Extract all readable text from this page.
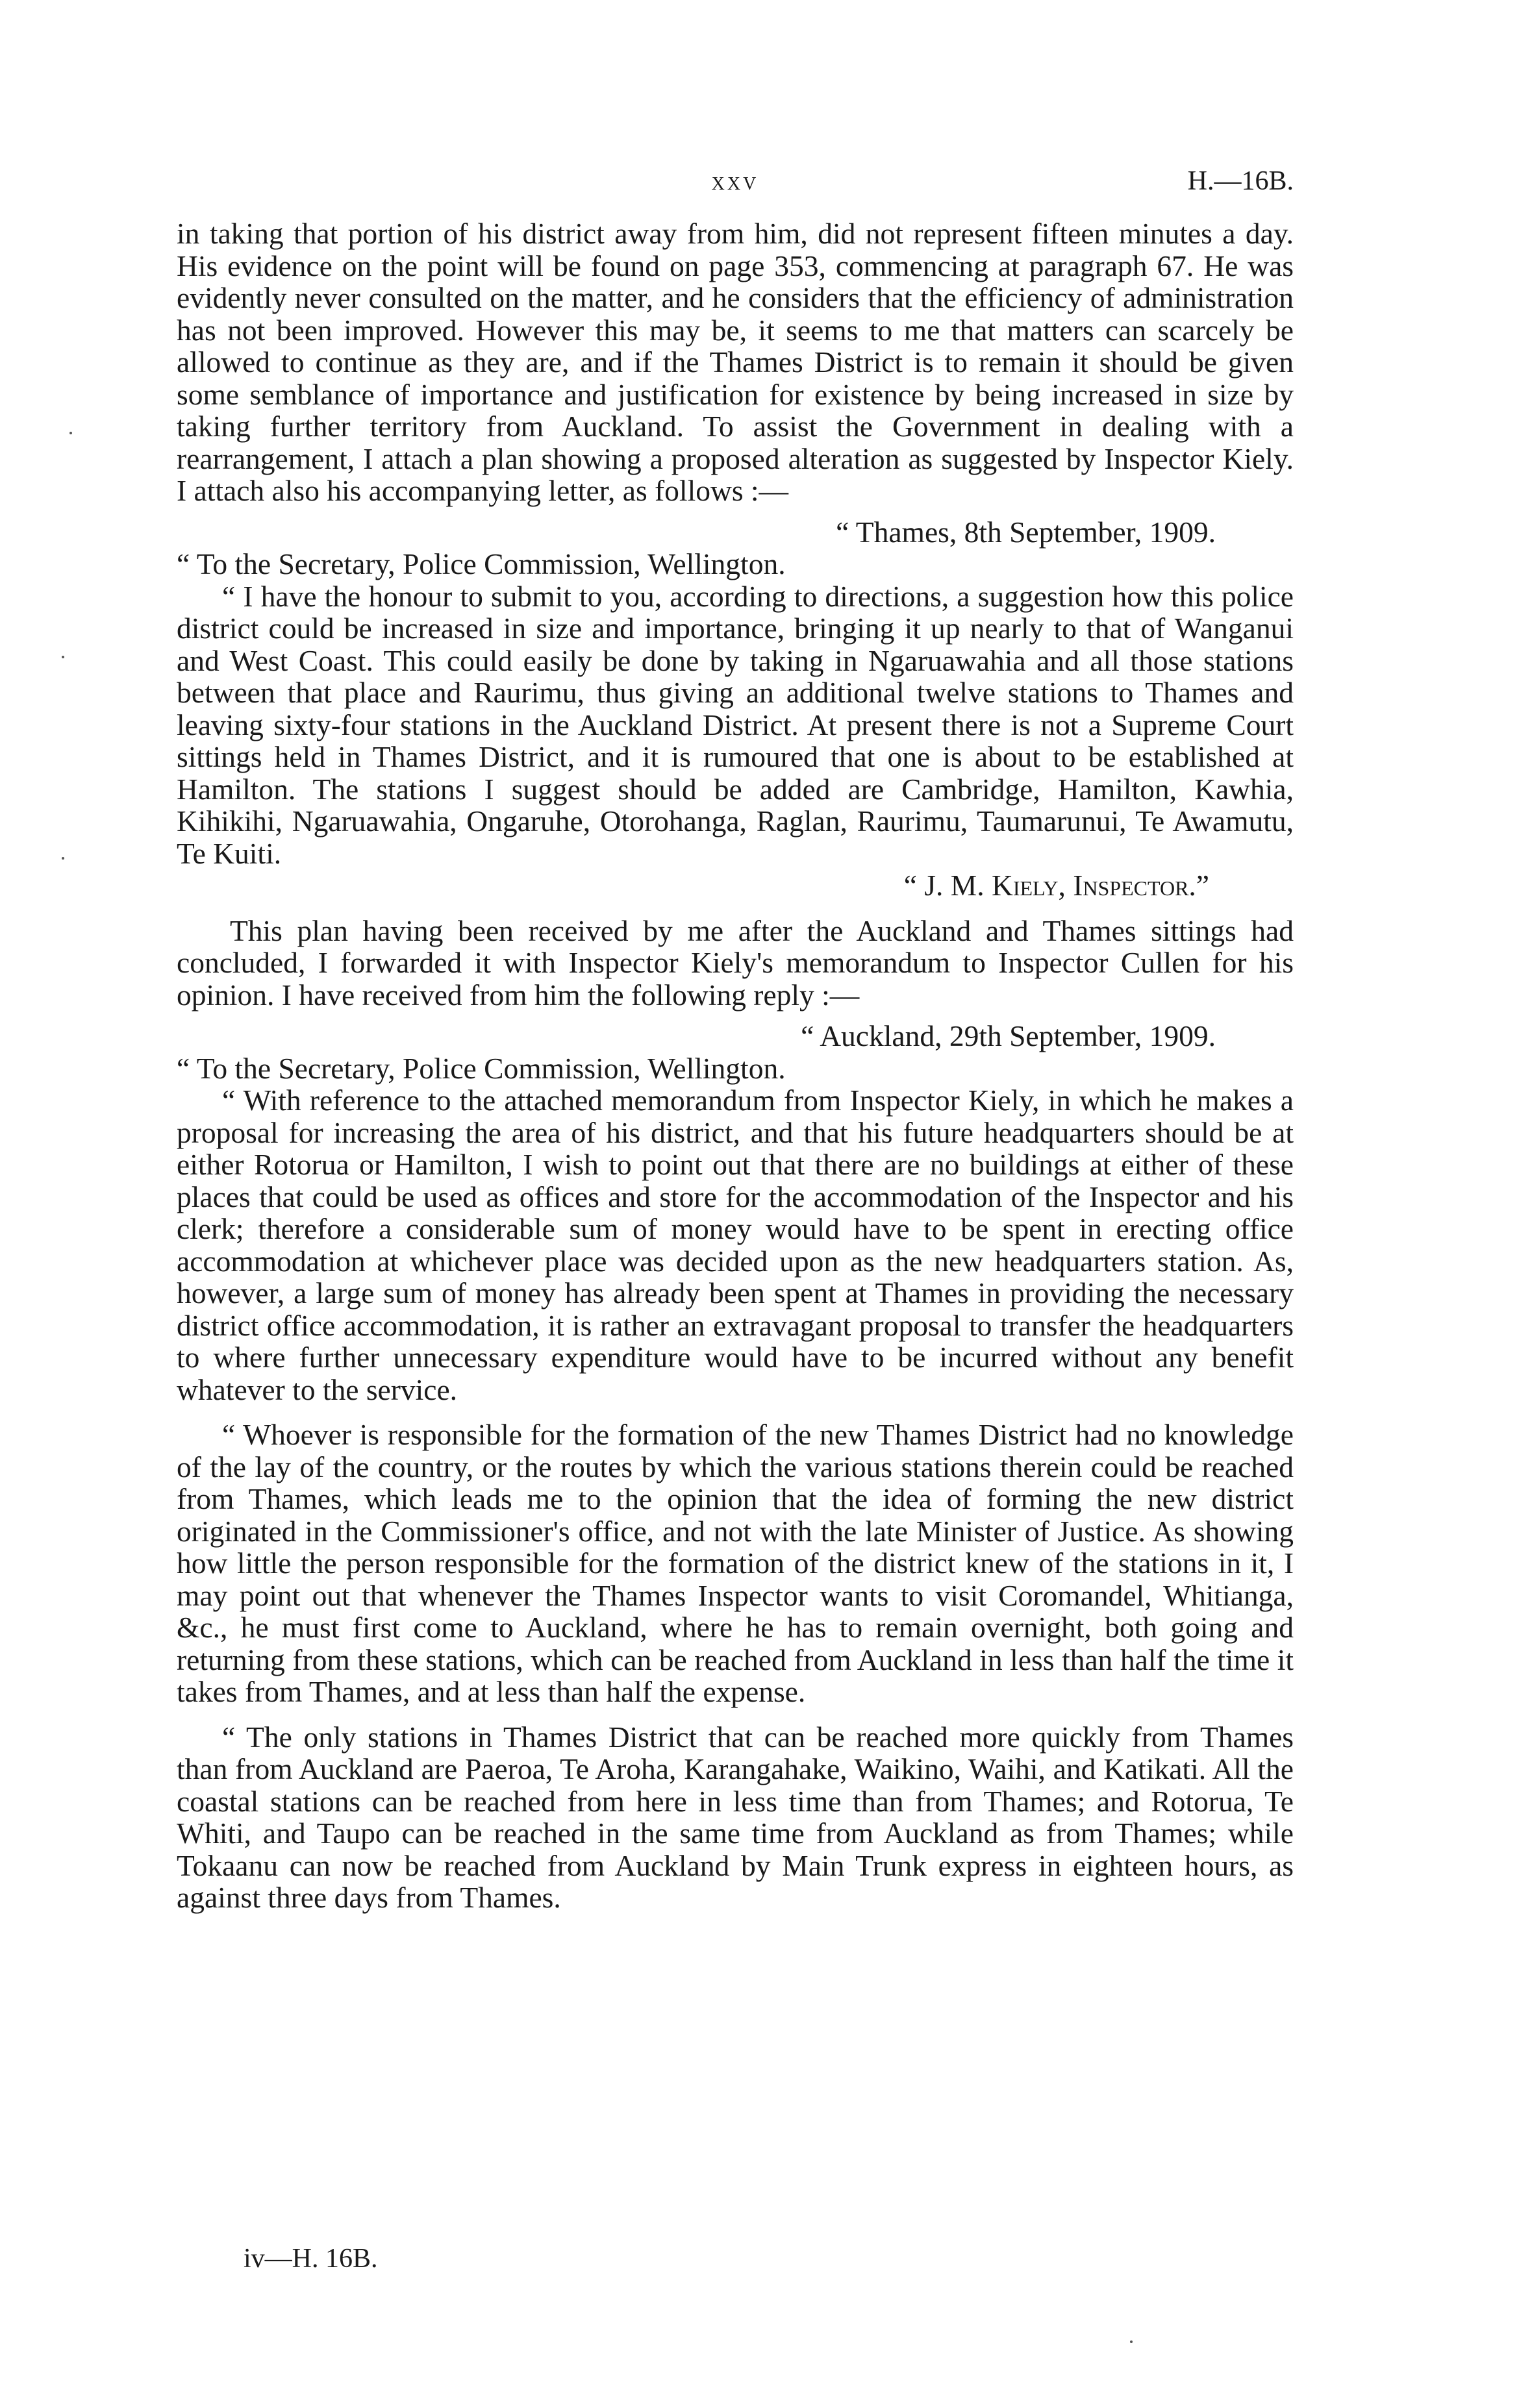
xxv	H.—16B.

in taking that portion of his district away from him, did not represent fifteen minutes a day. His evidence on the point will be found on page 353, commencing at paragraph 67. He was evidently never consulted on the matter, and he considers that the efficiency of administration has not been improved. However this may be, it seems to me that matters can scarcely be allowed to continue as they are, and if the Thames District is to remain it should be given some semblance of importance and justification for existence by being increased in size by taking further territory from Auckland. To assist the Government in dealing with a rearrangement, I attach a plan showing a proposed alteration as suggested by Inspector Kiely. I attach also his accompanying letter, as follows :—

“ Thames, 8th September, 1909.

“ To the Secretary, Police Commission, Wellington.

“ I have the honour to submit to you, according to directions, a suggestion how this police district could be increased in size and importance, bringing it up nearly to that of Wanganui and West Coast. This could easily be done by taking in Ngaruawahia and all those stations between that place and Raurimu, thus giving an additional twelve stations to Thames and leaving sixty-four stations in the Auckland District. At present there is not a Supreme Court sittings held in Thames District, and it is rumoured that one is about to be established at Hamilton. The stations I suggest should be added are Cambridge, Hamilton, Kawhia, Kihikihi, Ngaruawahia, Ongaruhe, Otorohanga, Raglan, Raurimu, Taumarunui, Te Awamutu, Te Kuiti.

“ J. M. Kiely, Inspector.”

This plan having been received by me after the Auckland and Thames sittings had concluded, I forwarded it with Inspector Kiely's memorandum to Inspector Cullen for his opinion. I have received from him the following reply :—

“ Auckland, 29th September, 1909.

“ To the Secretary, Police Commission, Wellington.

“ With reference to the attached memorandum from Inspector Kiely, in which he makes a proposal for increasing the area of his district, and that his future headquarters should be at either Rotorua or Hamilton, I wish to point out that there are no buildings at either of these places that could be used as offices and store for the accommodation of the Inspector and his clerk; therefore a considerable sum of money would have to be spent in erecting office accommodation at whichever place was decided upon as the new headquarters station. As, however, a large sum of money has already been spent at Thames in providing the necessary district office accommodation, it is rather an extravagant proposal to transfer the headquarters to where further unnecessary expenditure would have to be incurred without any benefit whatever to the service.

“ Whoever is responsible for the formation of the new Thames District had no knowledge of the lay of the country, or the routes by which the various stations therein could be reached from Thames, which leads me to the opinion that the idea of forming the new district originated in the Commissioner's office, and not with the late Minister of Justice. As showing how little the person responsible for the formation of the district knew of the stations in it, I may point out that whenever the Thames Inspector wants to visit Coromandel, Whitianga, &c., he must first come to Auckland, where he has to remain overnight, both going and returning from these stations, which can be reached from Auckland in less than half the time it takes from Thames, and at less than half the expense.

“ The only stations in Thames District that can be reached more quickly from Thames than from Auckland are Paeroa, Te Aroha, Karangahake, Waikino, Waihi, and Katikati. All the coastal stations can be reached from here in less time than from Thames; and Rotorua, Te Whiti, and Taupo can be reached in the same time from Auckland as from Thames; while Tokaanu can now be reached from Auckland by Main Trunk express in eighteen hours, as against three days from Thames.

iv—H. 16B.
